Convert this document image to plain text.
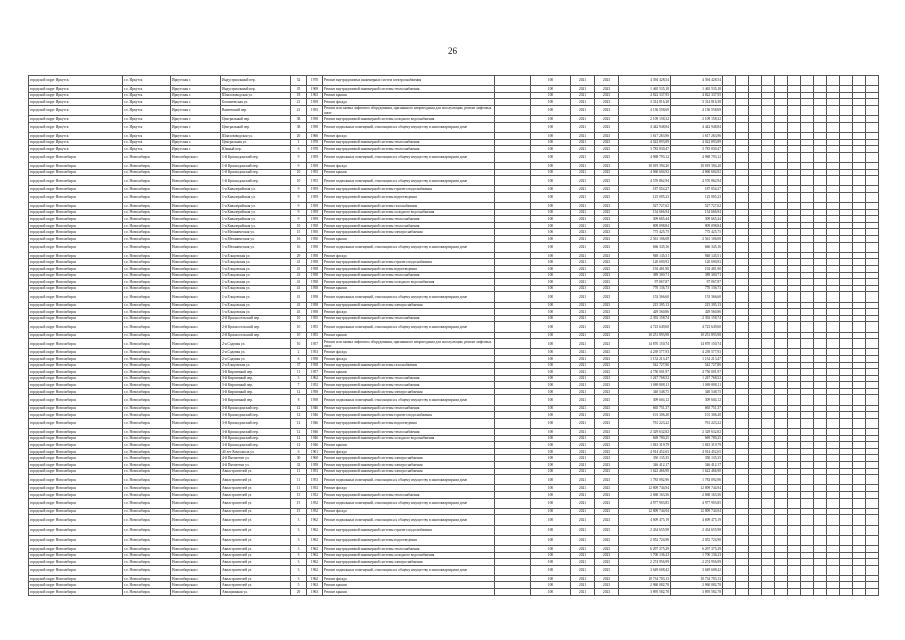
26
городской округ Иркутск	г.о. Иркутск	Иркутская г.	Индустриальный пер.	32	1970	Ремонт внутридомовых инженерных систем электроснабжения		100	2021	2023	4 394 428,54	4 394 428,54												
городской округ Иркутск	г.о. Иркутск	Иркутская г.	Индустриальный пер.	35	1969	Ремонт внутридомовой инженерной системы теплоснабжения		100	2021	2023	1 465 535,18	1 465 535,18												
городской округ Иркутск	г.о. Иркутск	Иркутская г.	Шпалозаводская ул.	18	1963	Ремонт крыши		100	2021	2023	4 822 337,95	4 822 337,95												
городской округ Иркутск	г.о. Иркутск	Иркутская г.	Ботаническая ул.	21	1959	Ремонт фасада		100	2021	2023	3 314 816,38	3 314 816,38												
городской округ Иркутск	г.о. Иркутск	Иркутская г.	Ванеевский пер.	21	1955	Ремонт или замена лифтового оборудования, признанного непригодным для эксплуатации, ремонт лифтовых шахт		100	2021	2023	4 136 558,69	4 136 558,69												
городской округ Иркутск	г.о. Иркутск	Иркутская г.	Центральный пер.	38	1958	Ремонт внутридомовой инженерной системы холодного водоснабжения		100	2021	2023	2 109 158,32	2 109 158,32												
городской округ Иркутск	г.о. Иркутск	Иркутская г.	Центральный пер.	38	1958	Ремонт подвальных помещений, относящихся к общему имуществу в многоквартирном доме		100	2021	2023	4 442 948,84	4 442 948,84												
городской округ Иркутск	г.о. Иркутск	Иркутская г.	Шпалозаводская ул.	20	1966	Ремонт фасада		100	2021	2023	1 617 263,96	1 617 263,96												
городской округ Иркутск	г.о. Иркутск	Иркутская г.	Центральная ул.	1	1978	Ремонт внутридомовой инженерной системы теплоснабжения		100	2021	2023	4 022 893,89	4 022 893,89												
городской округ Иркутск	г.о. Иркутск	Иркутская г.	Южный пер.	6	1978	Ремонт внутридомовой инженерной системы теплоснабжения		100	2021	2023	3 783 830,47	3 783 830,47												
городской округ Новосибирск	г.о. Новосибирск	Новосибирская г.	1-й Краснодонский пер.	9	1959	Ремонт подвальных помещений, относящихся к общему имуществу в многоквартирном доме		100	2021	2023	4 968 793,12	4 968 793,12												
городской округ Новосибирск	г.о. Новосибирск	Новосибирская г.	1-й Краснодонский пер.	9	1959	Ремонт фасада		100	2021	2023	10 019 394,20	10 019 394,20												
городской округ Новосибирск	г.о. Новосибирск	Новосибирская г.	1-й Краснодонский пер.	10	1955	Ремонт крыши		100	2021	2023	4 060 604,92	4 060 604,92												
городской округ Новосибирск	г.о. Новосибирск	Новосибирская г.	1-й Краснодонский пер.	10	1955	Ремонт подвальных помещений, относящихся к общему имуществу в многоквартирном доме		100	2021	2023	4 576 862,94	4 576 862,94												
городской округ Новосибирск	г.о. Новосибирск	Новосибирская г.	1-я Кавалерийская ул.	9	1959	Ремонт внутридомовой инженерной системы горячего водоснабжения		100	2021	2023	187 054,27	187 054,27												
городской округ Новосибирск	г.о. Новосибирск	Новосибирская г.	1-я Кавалерийская ул.	9	1959	Ремонт внутридомовой инженерной системы водоотведения		100	2021	2023	125 005,23	125 005,23												
городской округ Новосибирск	г.о. Новосибирск	Новосибирская г.	1-я Кавалерийская ул.	9	1959	Ремонт внутридомовой инженерной системы газоснабжения		100	2021	2023	527 727,62	527 727,62												
городской округ Новосибирск	г.о. Новосибирск	Новосибирская г.	1-я Кавалерийская ул.	9	1959	Ремонт внутридомовой инженерной системы холодного водоснабжения		100	2021	2023	134 666,94	134 666,94												
городской округ Новосибирск	г.о. Новосибирск	Новосибирская г.	1-я Кавалерийская ул.	9	1959	Ремонт внутридомовой инженерной системы теплоснабжения		100	2021	2023	309 665,44	309 665,44												
городской округ Новосибирск	г.о. Новосибирск	Новосибирская г.	1-я Кавалерийская ул.	10	1958	Ремонт внутридомовой инженерной системы теплоснабжения		100	2021	2023	809 098,84	809 098,84												
городской округ Новосибирск	г.о. Новосибирск	Новосибирская г.	1-я Механическая ул.	15	1950	Ремонт внутридомовой инженерной системы электроснабжения		100	2021	2023	775 425,75	775 425,75												
городской округ Новосибирск	г.о. Новосибирск	Новосибирская г.	1-я Механическая ул.	16	1950	Ремонт крыши		100	2021	2023	2 561 106,08	2 561 106,08												
городской округ Новосибирск	г.о. Новосибирск	Новосибирская г.	1-я Механическая ул.	16	1950	Ремонт подвальных помещений, относящихся к общему имуществу в многоквартирном доме		100	2021	2023	666 345,16	666 345,16												
городской округ Новосибирск	г.о. Новосибирск	Новосибирская г.	1-я Ельцовская ул.	29	1958	Ремонт фасада		100	2021	2023	948 145,51	948 145,51												
городской округ Новосибирск	г.о. Новосибирск	Новосибирская г.	1-я Ельцовская ул.	41	1958	Ремонт внутридомовой инженерной системы горячего водоснабжения		100	2021	2023	120 690,93	120 690,93												
городской округ Новосибирск	г.о. Новосибирск	Новосибирская г.	1-я Ельцовская ул.	41	1958	Ремонт внутридомовой инженерной системы водоотведения		100	2021	2023	192 481,90	192 481,90												
городской округ Новосибирск	г.о. Новосибирск	Новосибирская г.	1-я Ельцовская ул.	41	1958	Ремонт внутридомовой инженерной системы теплоснабжения		100	2021	2023	389 300,71	389 300,71												
городской округ Новосибирск	г.о. Новосибирск	Новосибирская г.	1-я Ельцовская ул.	41	1958	Ремонт внутридомовой инженерной системы холодного водоснабжения		100	2021	2023	97 067,87	97 067,87												
городской округ Новосибирск	г.о. Новосибирск	Новосибирская г.	1-я Ельцовская ул.	41	1958	Ремонт крыши		100	2021	2023	770 136,73	770 136,73												
городской округ Новосибирск	г.о. Новосибирск	Новосибирская г.	1-я Ельцовская ул.	41	1958	Ремонт подвальных помещений, относящихся к общему имуществу в многоквартирном доме		100	2021	2023	153 366,60	153 366,60												
городской округ Новосибирск	г.о. Новосибирск	Новосибирская г.	1-я Ельцовская ул.	41	1958	Ремонт внутридомовой инженерной системы электроснабжения		100	2021	2023	215 395,13	215 395,13												
городской округ Новосибирск	г.о. Новосибирск	Новосибирская г.	1-я Ельцовская ул.	43	1958	Ремонт фасада		100	2021	2023	429 560,86	429 560,86												
городской округ Новосибирск	г.о. Новосибирск	Новосибирская г.	2-й Красносельский пер.	10	1955	Ремонт внутридомовой инженерной системы теплоснабжения		100	2021	2023	2 392 158,74	2 392 158,74												
городской округ Новосибирск	г.о. Новосибирск	Новосибирская г.	2-й Красносельский пер.	10	1955	Ремонт подвальных помещений, относящихся к общему имуществу в многоквартирном доме		100	2021	2023	4 723 649,60	4 723 649,60												
городской округ Новосибирск	г.о. Новосибирск	Новосибирская г.	2-й Красносельский пер.	10	1955	Ремонт крыши		100	2021	2023	10 251 893,98	10 251 893,98												
городской округ Новосибирск	г.о. Новосибирск	Новосибирская г.	2-я Садовая ул.	10	1957	Ремонт или замена лифтового оборудования, признанного непригодным для эксплуатации, ремонт лифтовых шахт		100	2021	2023	14 870 150,74	14 870 150,74												
городской округ Новосибирск	г.о. Новосибирск	Новосибирская г.	2-я Садовая ул.	2	1953	Ремонт фасада		100	2021	2023	4 239 577,93	4 239 577,93												
городской округ Новосибирск	г.о. Новосибирск	Новосибирская г.	2-я Садовая ул.	6	1958	Ремонт фасада		100	2021	2023	1 152 213,47	1 152 213,47												
городской округ Новосибирск	г.о. Новосибирск	Новосибирская г.	2-я Ельцовская ул.	37	1958	Ремонт внутридомовой инженерной системы газоснабжения		100	2021	2023	542 727,86	542 727,86												
городской округ Новосибирск	г.о. Новосибирск	Новосибирская г.	3-й Кирпичный пер.	11	1957	Ремонт крыши		100	2021	2023	4 750 001,97	4 750 001,97												
городской округ Новосибирск	г.о. Новосибирск	Новосибирская г.	3-й Кирпичный пер.	3	1962	Ремонт внутридомовой инженерной системы теплоснабжения		100	2021	2023	1 247 768,52	1 247 768,52												
городской округ Новосибирск	г.о. Новосибирск	Новосибирская г.	3-й Кирпичный пер.	7	1952	Ремонт внутридомовой инженерной системы теплоснабжения		100	2021	2023	1 069 808,11	1 069 808,11												
городской округ Новосибирск	г.о. Новосибирск	Новосибирская г.	3-й Кирпичный пер.	12	1958	Ремонт внутридомовой инженерной системы электроснабжения		100	2021	2023	340 548,75	340 548,75												
городской округ Новосибирск	г.о. Новосибирск	Новосибирская г.	3-й Кирпичный пер.	8	1958	Ремонт подвальных помещений, относящихся к общему имуществу в многоквартирном доме		100	2021	2023	309 604,12	309 604,12												
городской округ Новосибирск	г.о. Новосибирск	Новосибирская г.	3-й Краснодонский пер.	12	1946	Ремонт внутридомовой инженерной системы теплоснабжения		100	2021	2023	665 751,37	665 751,37												
городской округ Новосибирск	г.о. Новосибирск	Новосибирская г.	3-й Краснодонский пер.	12	1946	Ремонт внутридомовой инженерной системы горячего водоснабжения		100	2021	2023	101 306,20	101 306,20												
городской округ Новосибирск	г.о. Новосибирск	Новосибирская г.	3-й Краснодонский пер.	12	1946	Ремонт внутридомовой инженерной системы водоотведения		100	2021	2023	761 223,22	761 223,22												
городской округ Новосибирск	г.о. Новосибирск	Новосибирская г.	3-й Краснодонский пер.	12	1946	Ремонт внутридомовой инженерной системы теплоснабжения		100	2021	2023	2 329 632,82	2 329 632,82												
городской округ Новосибирск	г.о. Новосибирск	Новосибирская г.	3-й Краснодонский пер.	12	1946	Ремонт внутридомовой инженерной системы холодного водоснабжения		100	2021	2023	669 780,25	669 780,25												
городской округ Новосибирск	г.о. Новосибирск	Новосибирская г.	3-й Краснодонский пер.	12	1946	Ремонт крыши		100	2021	2023	1 843 319,79	1 843 319,79												
городской округ Новосибирск	г.о. Новосибирск	Новосибирская г.	40 лет Комсомола ул.	6	1961	Ремонт фасада		100	2021	2023	4 914 452,65	4 914 452,65												
городской округ Новосибирск	г.о. Новосибирск	Новосибирская г.	4-й Пятилетки ул.	30	1960	Ремонт внутридомовой инженерной системы электроснабжения		100	2021	2023	350 135,35	350 135,35												
городской округ Новосибирск	г.о. Новосибирск	Новосибирская г.	4-й Пятилетки ул.	32	1958	Ремонт внутридомовой инженерной системы электроснабжения		100	2021	2023	346 412,17	346 412,17												
городской округ Новосибирск	г.о. Новосибирск	Новосибирская г.	Авиастроителей ул.	11	1953	Ремонт внутридомовой инженерной системы электроснабжения		100	2021	2023	1 622 466,90	1 622 466,90												
городской округ Новосибирск	г.о. Новосибирск	Новосибирская г.	Авиастроителей ул.	11	1953	Ремонт подвальных помещений, относящихся к общему имуществу в многоквартирном доме		100	2021	2023	1 783 092,96	1 783 092,96												
городской округ Новосибирск	г.о. Новосибирск	Новосибирская г.	Авиастроителей ул.	11	1953	Ремонт фасада		100	2021	2023	12 809 744,94	12 809 744,94												
городской округ Новосибирск	г.о. Новосибирск	Новосибирская г.	Авиастроителей ул.	15	1952	Ремонт внутридомовой инженерной системы теплоснабжения		100	2021	2023	2 068 163,56	2 068 163,56												
городской округ Новосибирск	г.о. Новосибирск	Новосибирская г.	Авиастроителей ул.	15	1952	Ремонт подвальных помещений, относящихся к общему имуществу в многоквартирном доме		100	2021	2023	4 977 903,85	4 977 903,85												
городской округ Новосибирск	г.о. Новосибирск	Новосибирская г.	Авиастроителей ул.	15	1952	Ремонт фасада		100	2021	2023	12 809 744,94	12 809 744,94												
городской округ Новосибирск	г.о. Новосибирск	Новосибирская г.	Авиастроителей ул.	3	1962	Ремонт подвальных помещений, относящихся к общему имуществу в многоквартирном доме		100	2021	2023	4 609 475,19	4 609 475,19												
городской округ Новосибирск	г.о. Новосибирск	Новосибирская г.	Авиастроителей ул.	3	1962	Ремонт внутридомовой инженерной системы горячего водоснабжения		100	2021	2023	2 434 655,98	2 434 655,98												
городской округ Новосибирск	г.о. Новосибирск	Новосибирская г.	Авиастроителей ул.	3	1962	Ремонт внутридомовой инженерной системы водоотведения		100	2021	2023	2 052 724,98	2 052 724,98												
городской округ Новосибирск	г.о. Новосибирск	Новосибирская г.	Авиастроителей ул.	3	1962	Ремонт внутридомовой инженерной системы теплоснабжения		100	2021	2023	6 297 375,29	6 297 375,29												
городской округ Новосибирск	г.о. Новосибирск	Новосибирская г.	Авиастроителей ул.	3	1962	Ремонт внутридомовой инженерной системы холодного водоснабжения		100	2021	2023	1 700 136,23	1 700 136,23												
городской округ Новосибирск	г.о. Новосибирск	Новосибирская г.	Авиастроителей ул.	3	1962	Ремонт внутридомовой инженерной системы электроснабжения		100	2021	2023	2 274 956,99	2 274 956,99												
городской округ Новосибирск	г.о. Новосибирск	Новосибирская г.	Авиастроителей ул.	3	1962	Ремонт подвальных помещений, относящихся к общему имуществу в многоквартирном доме		100	2021	2023	3 649 608,42	3 649 608,42												
городской округ Новосибирск	г.о. Новосибирск	Новосибирская г.	Авиастроителей ул.	3	1962	Ремонт фасада		100	2021	2023	10 734 703,13	10 734 703,13												
городской округ Новосибирск	г.о. Новосибирск	Новосибирская г.	Авиастроителей ул.	5	1962	Ремонт крыши		100	2021	2023	2 960 082,78	2 960 082,78												
городской округ Новосибирск	г.о. Новосибирск	Новосибирская г.	Авиационная ул.	29	1963	Ремонт крыши		100	2021	2023	3 895 582,78	3 895 582,78												
